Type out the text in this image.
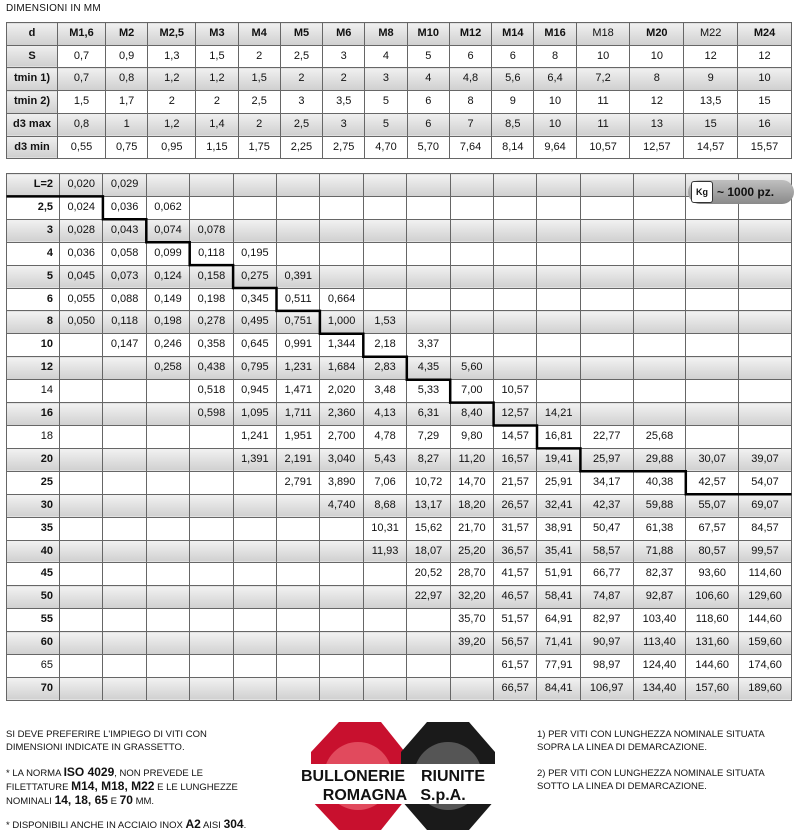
DIMENSIONI IN MM
d	M1,6	M2	M2,5	M3	M4	M5	M6	M8	M10	M12	M14	M16	M18	M20	M22	M24
S	0,7	0,9	1,3	1,5	2	2,5	3	4	5	6	6	8	10	10	12	12
tmin 1)	0,7	0,8	1,2	1,2	1,5	2	2	3	4	4,8	5,6	6,4	7,2	8	9	10
tmin 2)	1,5	1,7	2	2	2,5	3	3,5	5	6	8	9	10	11	12	13,5	15
d3 max	0,8	1	1,2	1,4	2	2,5	3	5	6	7	8,5	10	11	13	15	16
d3 min	0,55	0,75	0,95	1,15	1,75	2,25	2,75	4,70	5,70	7,64	8,14	9,64	10,57	12,57	14,57	15,57
L=2	0,020	0,029														
2,5	0,024	0,036	0,062													
3	0,028	0,043	0,074	0,078												
4	0,036	0,058	0,099	0,118	0,195											
5	0,045	0,073	0,124	0,158	0,275	0,391										
6	0,055	0,088	0,149	0,198	0,345	0,511	0,664									
8	0,050	0,118	0,198	0,278	0,495	0,751	1,000	1,53								
10		0,147	0,246	0,358	0,645	0,991	1,344	2,18	3,37							
12			0,258	0,438	0,795	1,231	1,684	2,83	4,35	5,60						
14				0,518	0,945	1,471	2,020	3,48	5,33	7,00	10,57					
16				0,598	1,095	1,711	2,360	4,13	6,31	8,40	12,57	14,21				
18					1,241	1,951	2,700	4,78	7,29	9,80	14,57	16,81	22,77	25,68		
20					1,391	2,191	3,040	5,43	8,27	11,20	16,57	19,41	25,97	29,88	30,07	39,07
25						2,791	3,890	7,06	10,72	14,70	21,57	25,91	34,17	40,38	42,57	54,07
30							4,740	8,68	13,17	18,20	26,57	32,41	42,37	59,88	55,07	69,07
35								10,31	15,62	21,70	31,57	38,91	50,47	61,38	67,57	84,57
40								11,93	18,07	25,20	36,57	35,41	58,57	71,88	80,57	99,57
45									20,52	28,70	41,57	51,91	66,77	82,37	93,60	114,60
50									22,97	32,20	46,57	58,41	74,87	92,87	106,60	129,60
55										35,70	51,57	64,91	82,97	103,40	118,60	144,60
60										39,20	56,57	71,41	90,97	113,40	131,60	159,60
65											61,57	77,91	98,97	124,40	144,60	174,60
70											66,57	84,41	106,97	134,40	157,60	189,60
Kg ~ 1000 pz.
SI DEVE PREFERIRE L'IMPIEGO DI VITI CON DIMENSIONI INDICATE IN GRASSETTO.
* LA NORMA ISO 4029, NON PREVEDE LE FILETTATURE M14, M18, M22 E LE LUNGHEZZE NOMINALI 14, 18, 65 E 70 MM.
* DISPONIBILI ANCHE IN ACCIAIO INOX A2 AISI 304.
1) PER VITI CON LUNGHEZZA NOMINALE SITUATA SOPRA LA LINEA DI DEMARCAZIONE.
2) PER VITI CON LUNGHEZZA NOMINALE SITUATA SOTTO LA LINEA DI DEMARCAZIONE.
BULLONERIE RIUNITE
ROMAGNA S.p.A.
